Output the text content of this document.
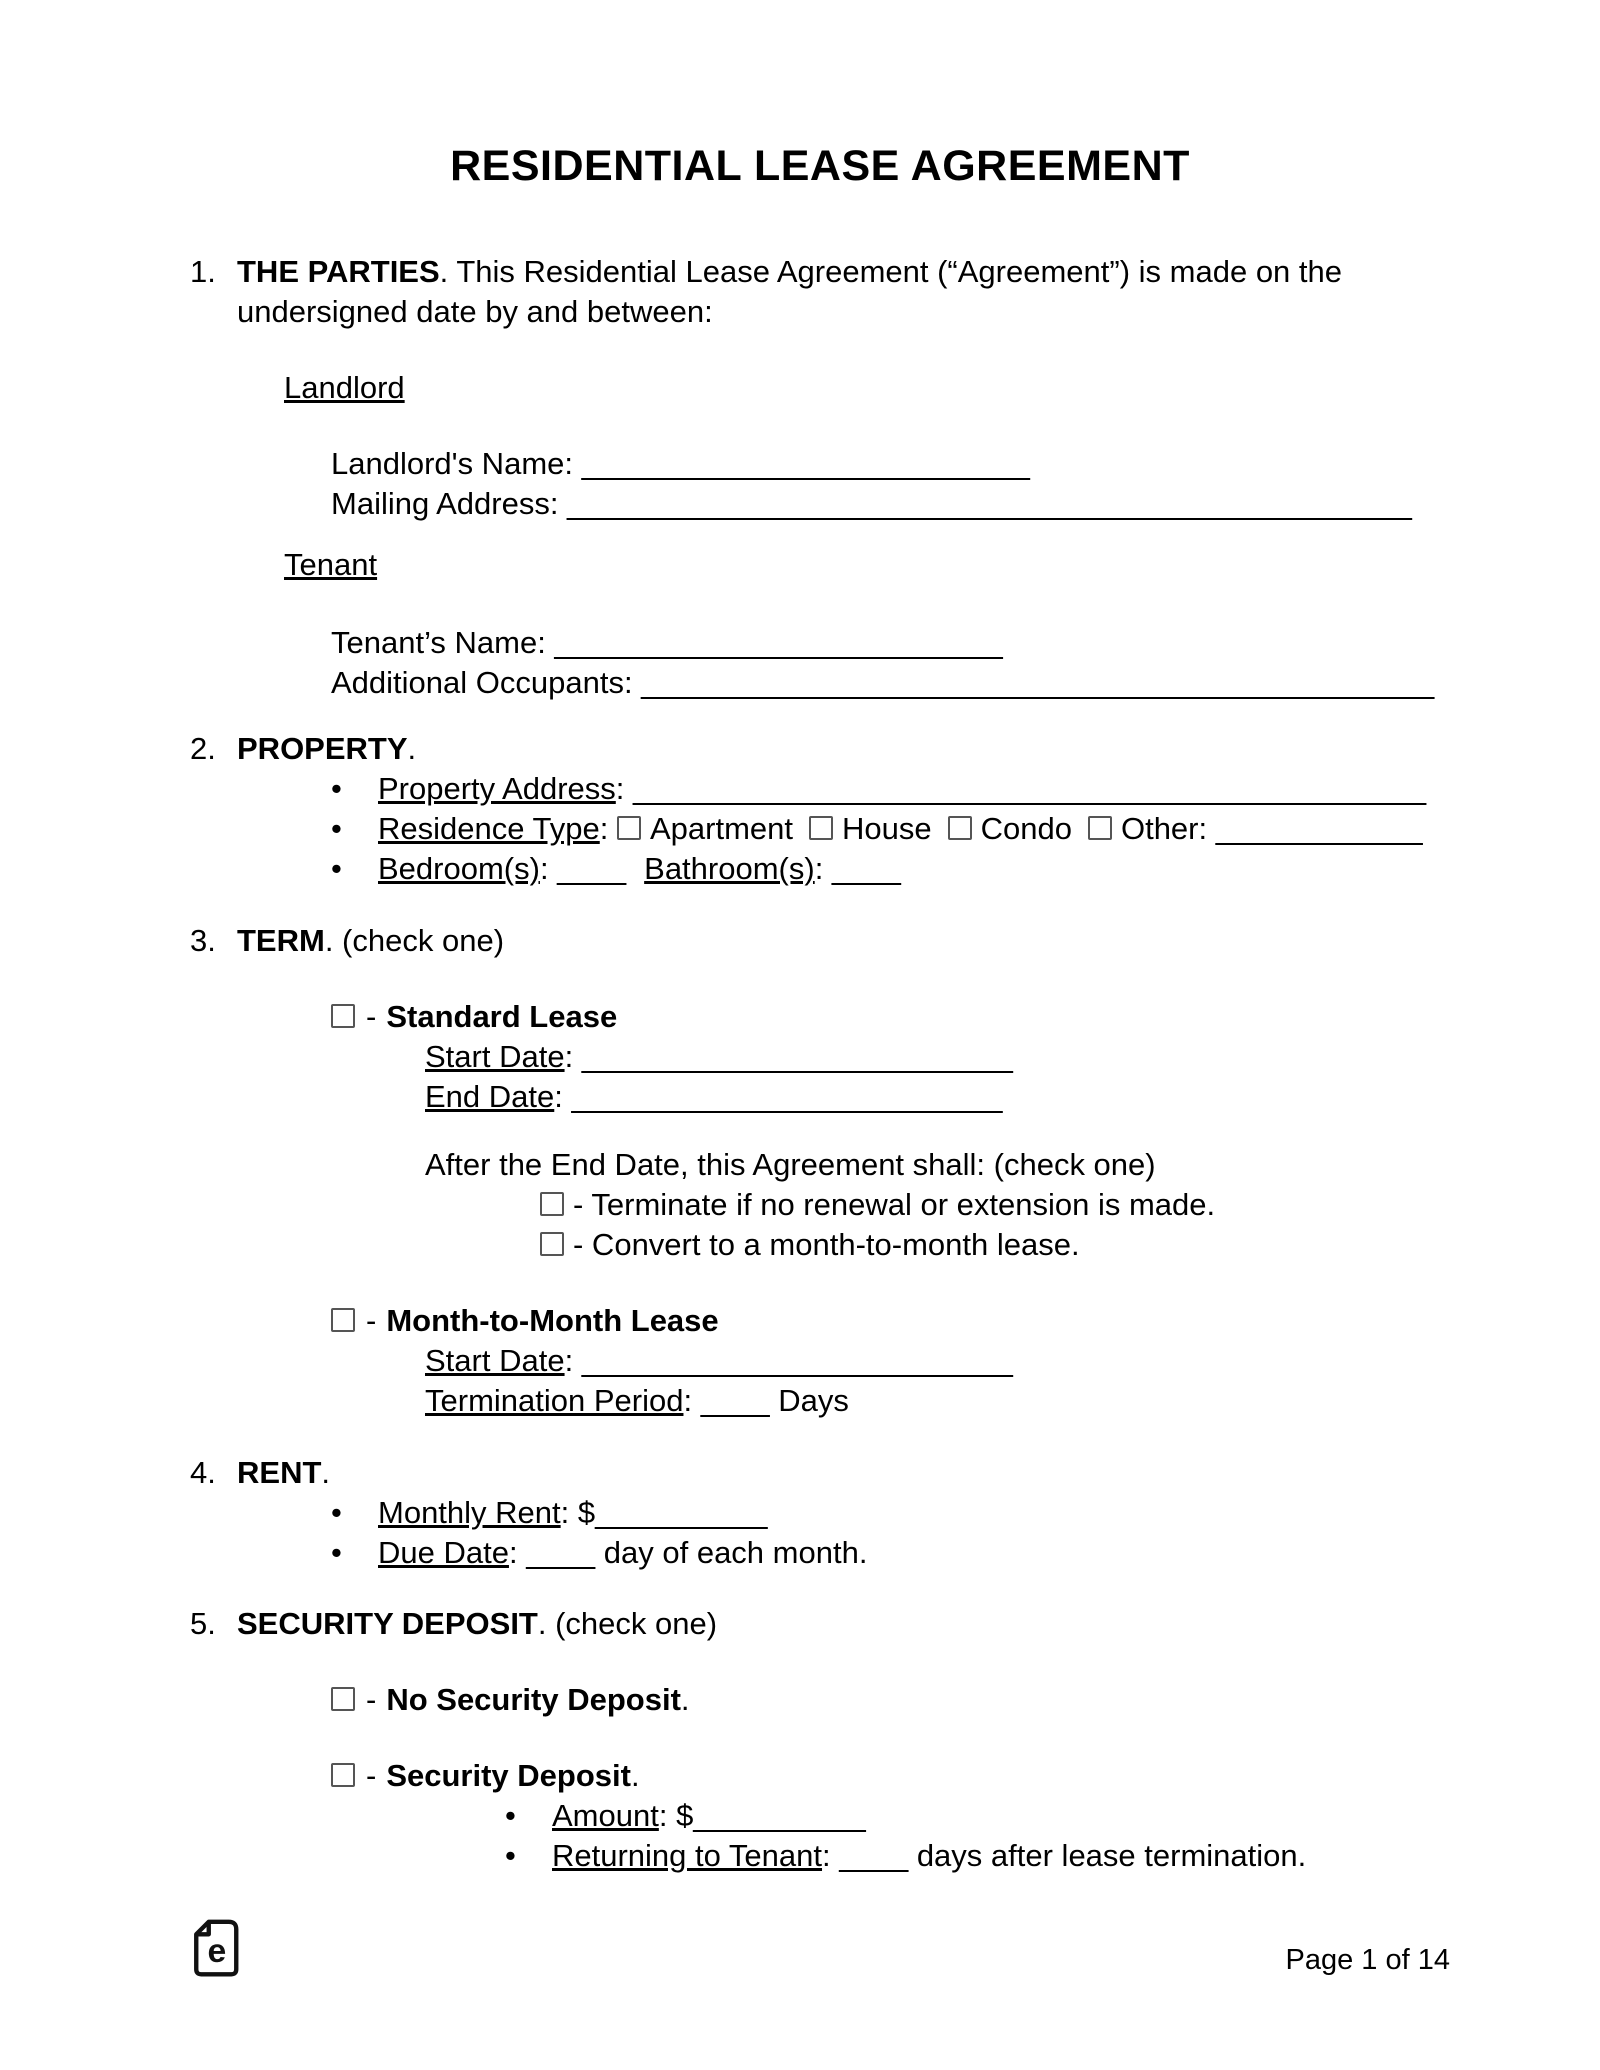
RESIDENTIAL LEASE AGREEMENT

1. THE PARTIES. This Residential Lease Agreement (“Agreement”) is made on the undersigned date by and between:

Landlord

Landlord's Name: __________________________

Mailing Address: _________________________________________________

Tenant

Tenant’s Name: __________________________

Additional Occupants: ______________________________________________

2. PROPERTY.

•	Property Address: ______________________________________________

•	Residence Type: Apartment House Condo Other: ____________

•	Bedroom(s): ____ Bathroom(s): ____

3. TERM. (check one)

- Standard Lease

Start Date: _________________________

End Date: _________________________

After the End Date, this Agreement shall: (check one)

- Terminate if no renewal or extension is made.

- Convert to a month-to-month lease.

- Month-to-Month Lease

Start Date: _________________________

Termination Period: ____ Days

4. RENT.

•	Monthly Rent: $__________

•	Due Date: ____ day of each month.

5. SECURITY DEPOSIT. (check one)

- No Security Deposit.

- Security Deposit.

•	Amount: $__________

•	Returning to Tenant: ____ days after lease termination.

e	Page 1 of 14
